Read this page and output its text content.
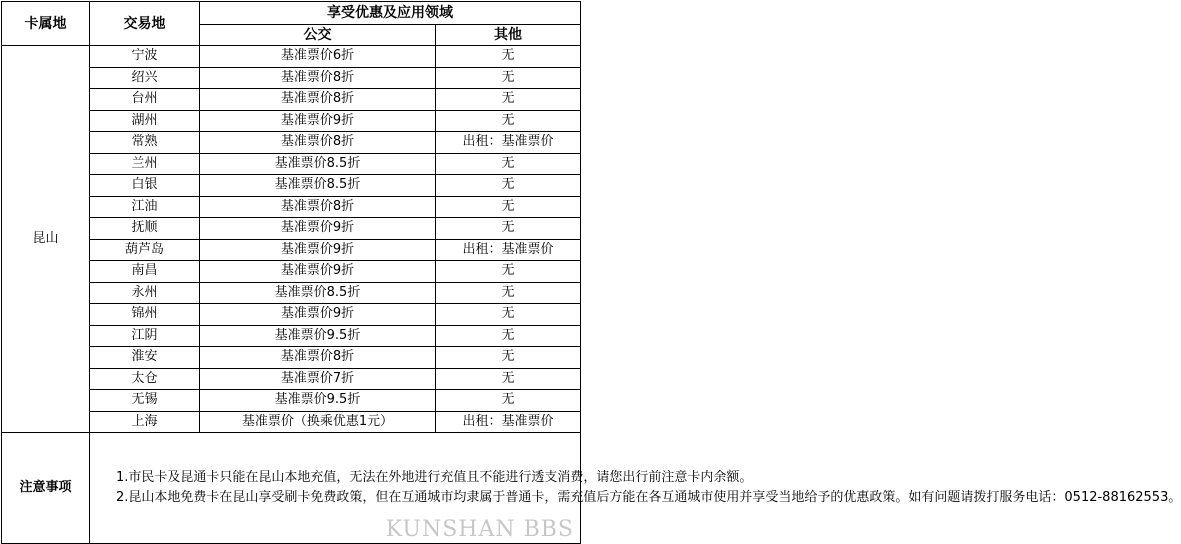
卡属地	交易地	享受优惠及应用领域	
		公交	其他
昆山	宁波	基准票价6折	无
	绍兴	基准票价8折	无
	台州	基准票价8折	无
	湖州	基准票价9折	无
	常熟	基准票价8折	出租：基准票价
	兰州	基准票价8.5折	无
	白银	基准票价8.5折	无
	江油	基准票价8折	无
	抚顺	基准票价9折	无
	葫芦岛	基准票价9折	出租：基准票价
	南昌	基准票价9折	无
	永州	基准票价8.5折	无
	锦州	基准票价9折	无
	江阴	基准票价9.5折	无
	淮安	基准票价8折	无
	太仓	基准票价7折	无
	无锡	基准票价9.5折	无
	上海	基准票价（换乘优惠1元）	出租：基准票价
注意事项	1.市民卡及昆通卡只能在昆山本地充值，无法在外地进行充值且不能进行透支消费，请您出行前注意卡内余额。

2.昆山本地免费卡在昆山享受刷卡免费政策，但在互通城市均隶属于普通卡，需充值后方能在各互通城市使用并享受当地给予的优惠政策。如有问题请拨打服务电话：0512-88162553。		

KUNSHAN BBS
